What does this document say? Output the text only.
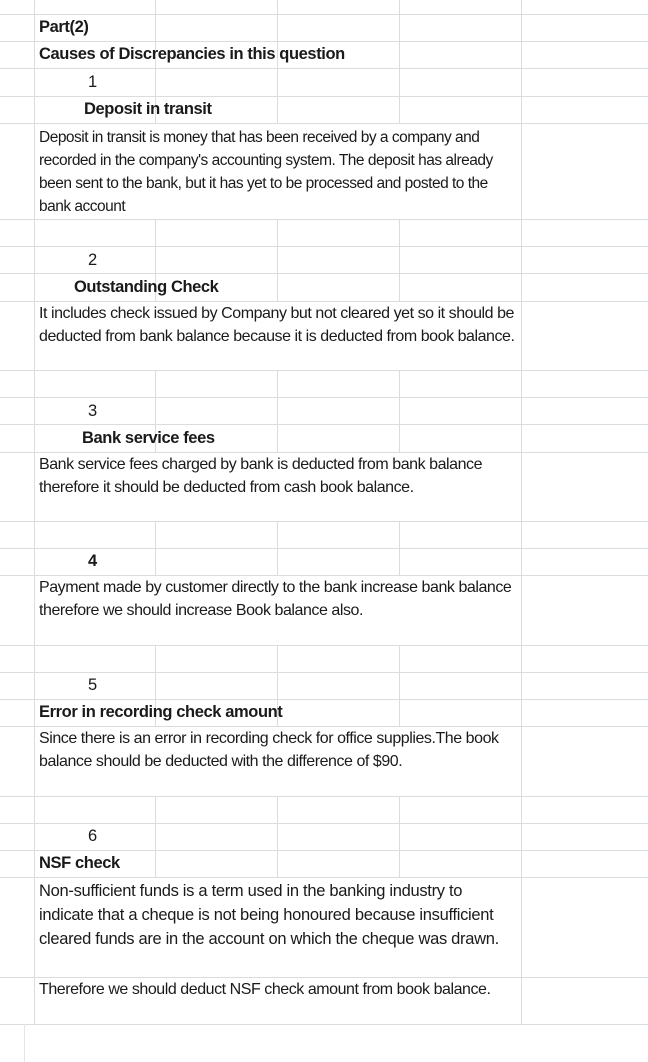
Part(2)
Causes of Discrepancies in this question
1
Deposit in transit
Deposit in transit is money that has been received by a company and recorded in the company's accounting system. The deposit has already been sent to the bank, but it has yet to be processed and posted to the bank account
2
Outstanding Check
It includes check issued by Company but not cleared yet so it should be deducted from bank balance because it is deducted from book balance.
3
Bank service fees
Bank service fees charged by bank is deducted from bank balance therefore it should be deducted from cash book balance.
4
Payment made by customer directly to the bank increase bank balance therefore we should increase Book balance also.
5
Error in recording check amount
Since there is an error in recording check for office supplies.The book balance should be deducted with the difference of $90.
6
NSF check
Non-sufficient funds is a term used in the banking industry to indicate that a cheque is not being honoured because insufficient cleared funds are in the account on which the cheque was drawn.
Therefore we should deduct NSF check amount from book balance.
